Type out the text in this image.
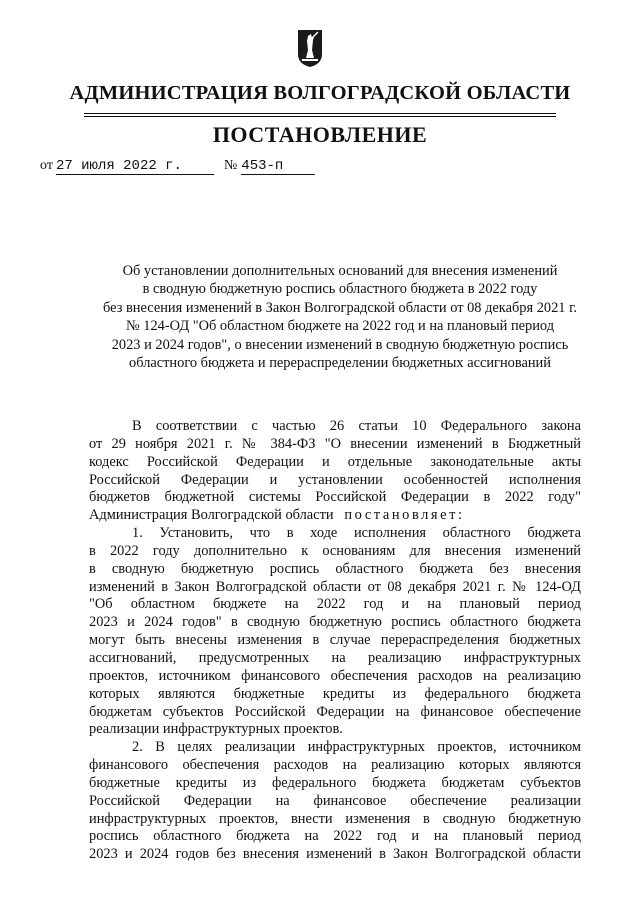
АДМИНИСТРАЦИЯ ВОЛГОГРАДСКОЙ ОБЛАСТИ
ПОСТАНОВЛЕНИЕ
от 27 июля 2022 г.	№ 453-п
Об установлении дополнительных оснований для внесения изменений
в сводную бюджетную роспись областного бюджета в 2022 году
без внесения изменений в Закон Волгоградской области от 08 декабря 2021 г.
№ 124-ОД "Об областном бюджете на 2022 год и на плановый период
2023 и 2024 годов", о внесении изменений в сводную бюджетную роспись
областного бюджета и перераспределении бюджетных ассигнований
В соответствии с частью 26 статьи 10 Федерального закона
от 29 ноября 2021 г. № 384-ФЗ "О внесении изменений в Бюджетный
кодекс Российской Федерации и отдельные законодательные акты
Российской Федерации и установлении особенностей исполнения
бюджетов бюджетной системы Российской Федерации в 2022 году"
Администрация Волгоградской области постановляет:
1. Установить, что в ходе исполнения областного бюджета
в 2022 году дополнительно к основаниям для внесения изменений
в сводную бюджетную роспись областного бюджета без внесения
изменений в Закон Волгоградской области от 08 декабря 2021 г. № 124-ОД
"Об областном бюджете на 2022 год и на плановый период
2023 и 2024 годов" в сводную бюджетную роспись областного бюджета
могут быть внесены изменения в случае перераспределения бюджетных
ассигнований, предусмотренных на реализацию инфраструктурных
проектов, источником финансового обеспечения расходов на реализацию
которых являются бюджетные кредиты из федерального бюджета
бюджетам субъектов Российской Федерации на финансовое обеспечение
реализации инфраструктурных проектов.
2. В целях реализации инфраструктурных проектов, источником
финансового обеспечения расходов на реализацию которых являются
бюджетные кредиты из федерального бюджета бюджетам субъектов
Российской Федерации на финансовое обеспечение реализации
инфраструктурных проектов, внести изменения в сводную бюджетную
роспись областного бюджета на 2022 год и на плановый период
2023 и 2024 годов без внесения изменений в Закон Волгоградской области
